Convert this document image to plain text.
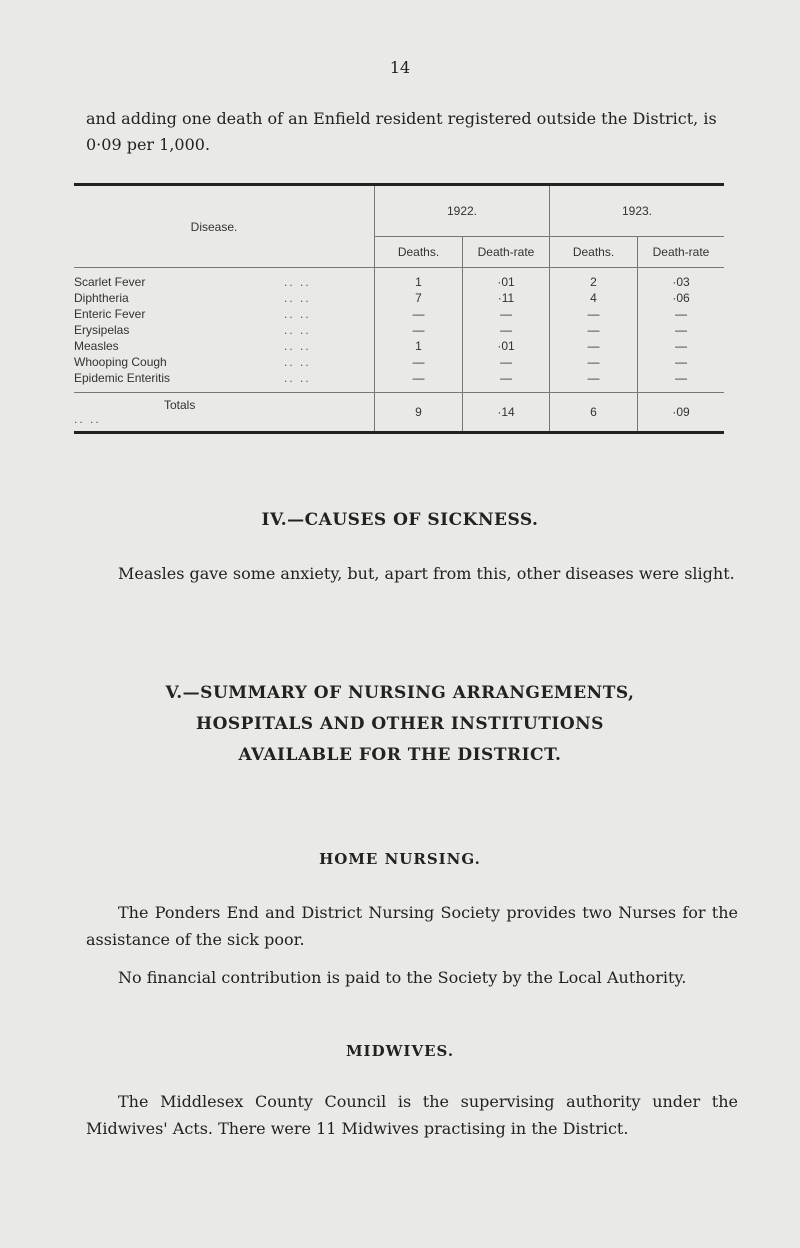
14

and adding one death of an Enfield resident registered outside the District, is 0·09 per 1,000.

Disease.	1922.		1923.	
	Deaths.	Death-rate	Deaths.	Death-rate
Scarlet Fever .. ..	1	·01	2	·03
Diphtheria .. ..	7	·11	4	·06
Enteric Fever .. ..	—	—	—	—
Erysipelas .. ..	—	—	—	—
Measles .. ..	1	·01	—	—
Whooping Cough .. ..	—	—	—	—
Epidemic Enteritis .. ..	—	—	—	—
Totals.. ..	9	·14	6	·09
IV.—CAUSES OF SICKNESS.

Measles gave some anxiety, but, apart from this, other diseases were slight.

V.—SUMMARY OF NURSING ARRANGEMENTS,
HOSPITALS AND OTHER INSTITUTIONS
AVAILABLE FOR THE DISTRICT.
HOME NURSING.

The Ponders End and District Nursing Society provides two Nurses for the assistance of the sick poor.

No financial contribution is paid to the Society by the Local Authority.

MIDWIVES.

The Middlesex County Council is the supervising authority under the Midwives' Acts. There were 11 Midwives practising in the District.
